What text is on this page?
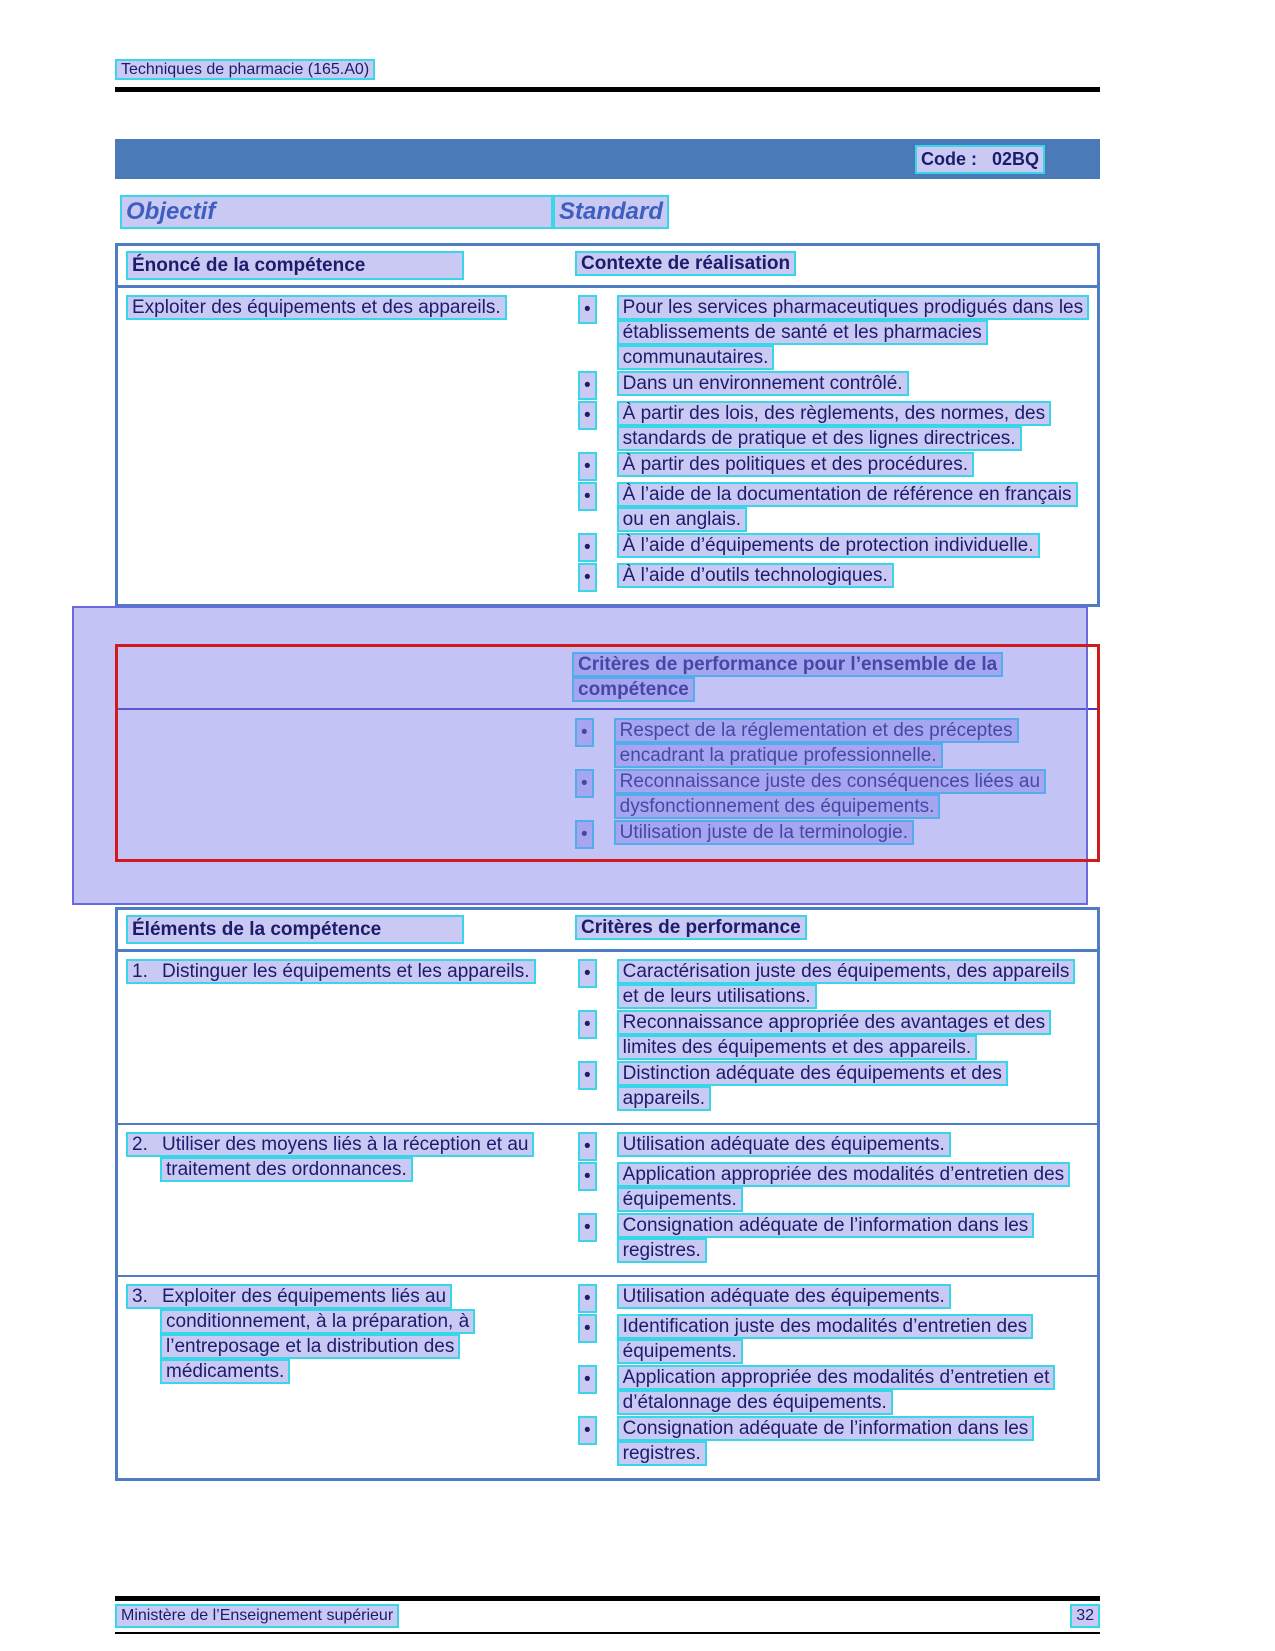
Techniques de pharmacie (165.A0)
Code :   02BQ
Objectif	Standard
Énoncé de la compétence	Contexte de réalisation
Exploiter des équipements et des appareils.	•	Pour les services pharmaceutiques prodigués dans les établissements de santé et les pharmacies communautaires.
•	Dans un environnement contrôlé.
•	À partir des lois, des règlements, des normes, des standards de pratique et des lignes directrices.
•	À partir des politiques et des procédures.
•	À l’aide de la documentation de référence en français ou en anglais.
•	À l’aide d’équipements de protection individuelle.
•	À l’aide d’outils technologiques.
Critères de performance pour l’ensemble de la compétence
•	Respect de la réglementation et des préceptes encadrant la pratique professionnelle.
•	Reconnaissance juste des conséquences liées au dysfonctionnement des équipements.
•	Utilisation juste de la terminologie.
Éléments de la compétence	Critères de performance
1. Distinguer les équipements et les appareils.	•	Caractérisation juste des équipements, des appareils et de leurs utilisations.
•	Reconnaissance appropriée des avantages et des limites des équipements et des appareils.
•	Distinction adéquate des équipements et des appareils.
2. Utiliser des moyens liés à la réception et au traitement des ordonnances.
•	Utilisation adéquate des équipements.
•	Application appropriée des modalités d’entretien des équipements.
•	Consignation adéquate de l’information dans les registres.
3. Exploiter des équipements liés au conditionnement, à la préparation, à l’entreposage et la distribution des médicaments.
•	Utilisation adéquate des équipements.
•	Identification juste des modalités d’entretien des équipements.
•	Application appropriée des modalités d’entretien et d’étalonnage des équipements.
•	Consignation adéquate de l’information dans les registres.
Ministère de l’Enseignement supérieur	32
